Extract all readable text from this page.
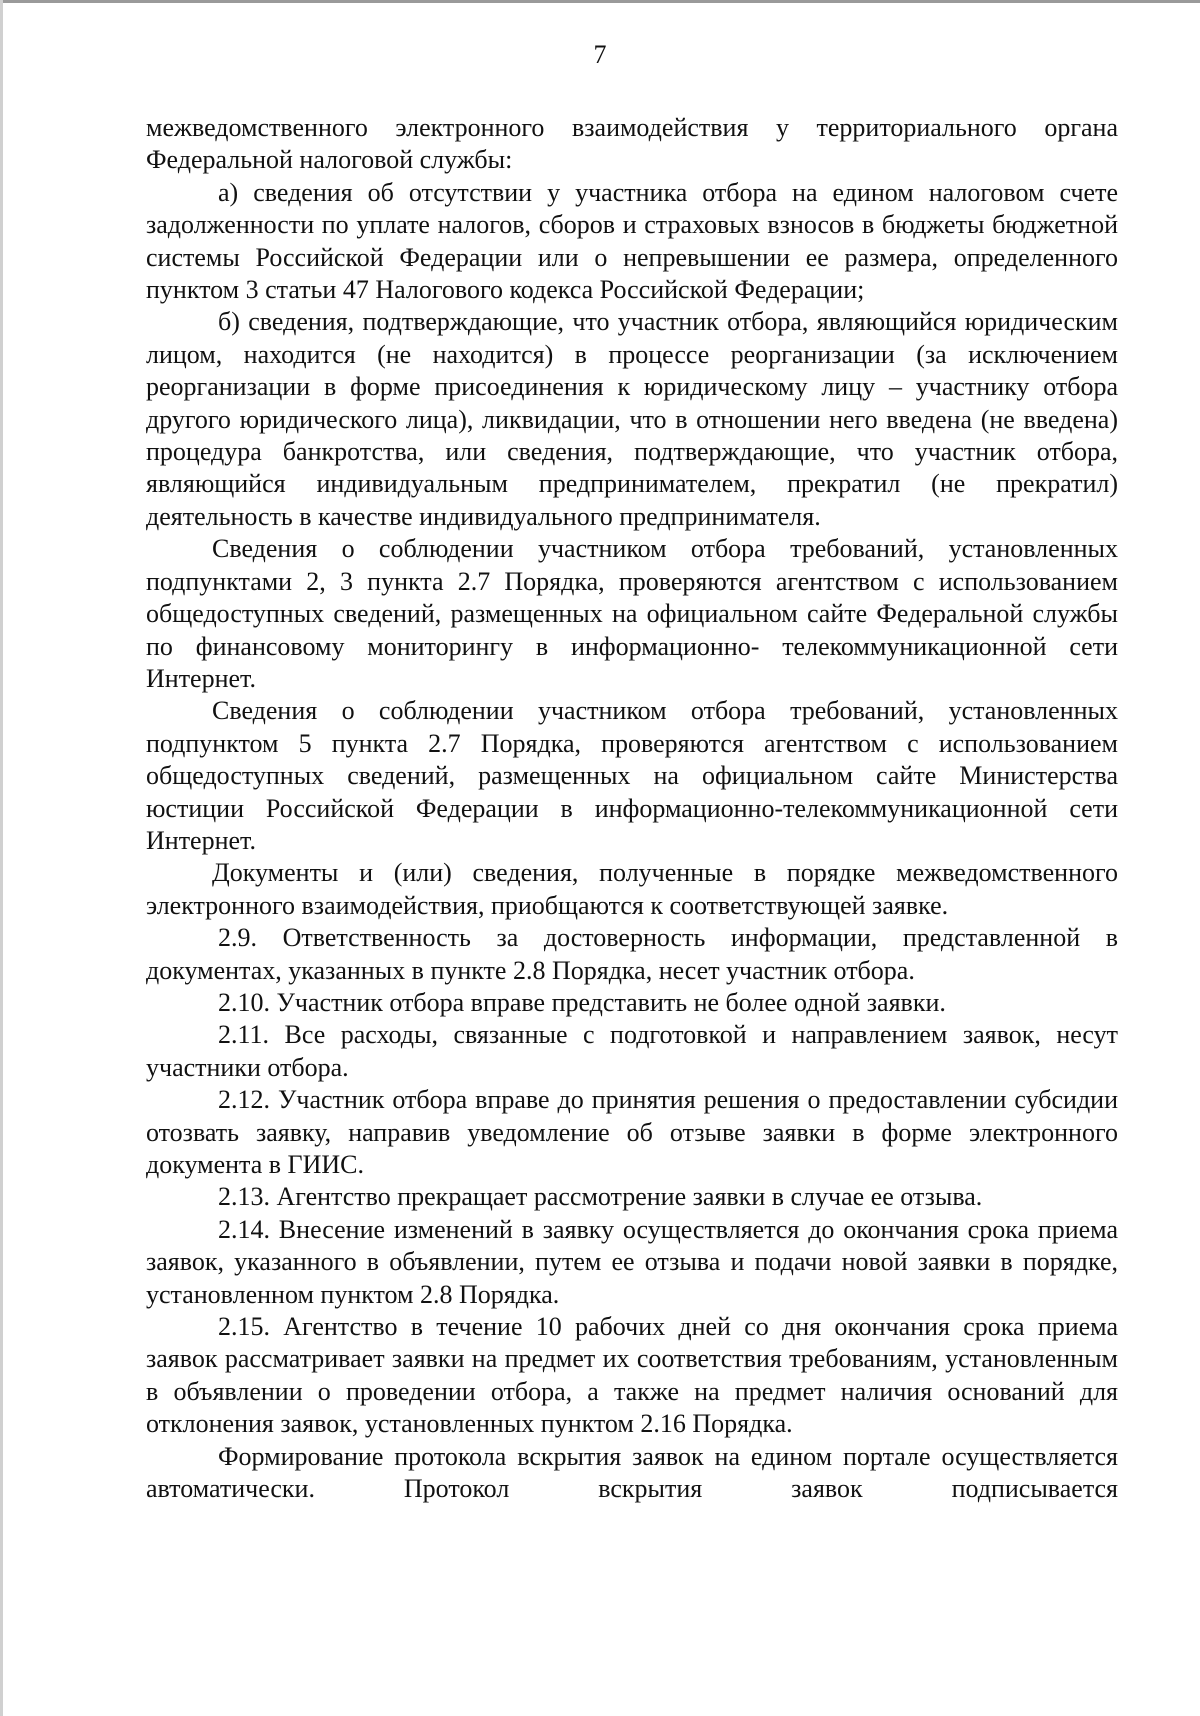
7

межведомственного электронного взаимодействия у территориального органа Федеральной налоговой службы:

а) сведения об отсутствии у участника отбора на едином налоговом счете задолженности по уплате налогов, сборов и страховых взносов в бюджеты бюджетной системы Российской Федерации или о непревышении ее размера, определенного пунктом 3 статьи 47 Налогового кодекса Российской Федерации;

б) сведения, подтверждающие, что участник отбора, являющийся юридическим лицом, находится (не находится) в процессе реорганизации (за исключением реорганизации в форме присоединения к юридическому лицу – участнику отбора другого юридического лица), ликвидации, что в отношении него введена (не введена) процедура банкротства, или сведения, подтверждающие, что участник отбора, являющийся индивидуальным предпринимателем, прекратил (не прекратил) деятельность в качестве индивидуального предпринимателя.

Сведения о соблюдении участником отбора требований, установленных подпунктами 2, 3 пункта 2.7 Порядка, проверяются агентством с использованием общедоступных сведений, размещенных на официальном сайте Федеральной службы по финансовому мониторингу в информационно- телекоммуникационной сети Интернет.

Сведения о соблюдении участником отбора требований, установленных подпунктом 5 пункта 2.7 Порядка, проверяются агентством с использованием общедоступных сведений, размещенных на официальном сайте Министерства юстиции Российской Федерации в информационно-телекоммуникационной сети Интернет.

Документы и (или) сведения, полученные в порядке межведомственного электронного взаимодействия, приобщаются к соответствующей заявке.

2.9. Ответственность за достоверность информации, представленной в документах, указанных в пункте 2.8 Порядка, несет участник отбора.

2.10. Участник отбора вправе представить не более одной заявки.

2.11. Все расходы, связанные с подготовкой и направлением заявок, несут участники отбора.

2.12. Участник отбора вправе до принятия решения о предоставлении субсидии отозвать заявку, направив уведомление об отзыве заявки в форме электронного документа в ГИИС.

2.13. Агентство прекращает рассмотрение заявки в случае ее отзыва.

2.14. Внесение изменений в заявку осуществляется до окончания срока приема заявок, указанного в объявлении, путем ее отзыва и подачи новой заявки в порядке, установленном пунктом 2.8 Порядка.

2.15. Агентство в течение 10 рабочих дней со дня окончания срока приема заявок рассматривает заявки на предмет их соответствия требованиям, установленным в объявлении о проведении отбора, а также на предмет наличия оснований для отклонения заявок, установленных пунктом 2.16 Порядка.

Формирование протокола вскрытия заявок на едином портале осуществляется автоматически. Протокол вскрытия заявок подписывается
